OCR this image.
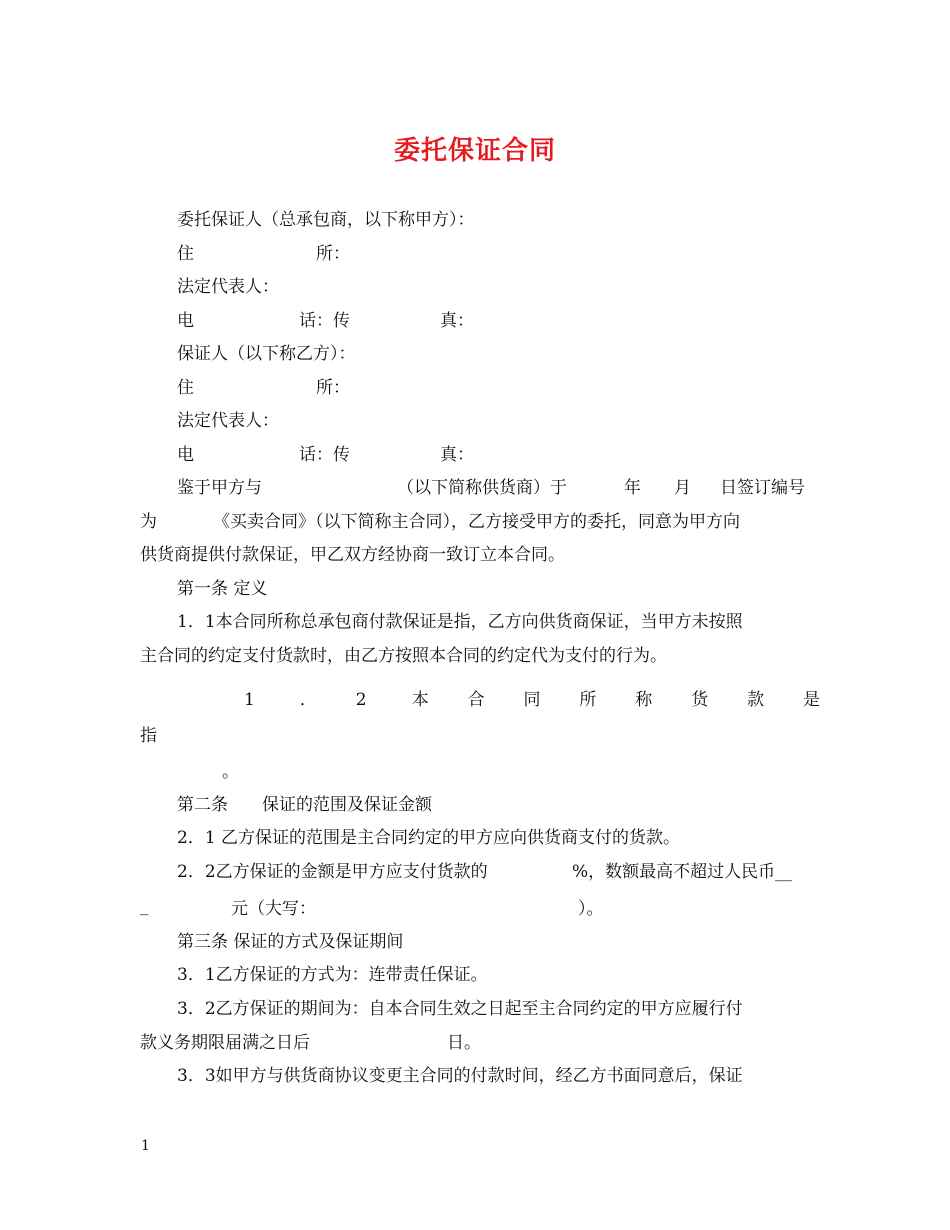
委托保证合同
委托保证人（总承包商，以下称甲方）：
住	所：
法定代表人：
电	话：传	真：
保证人（以下称乙方）：
住	所：
法定代表人：
电	话：传	真：
鉴于甲方与	（以下简称供货商）于	年 月 日签订编号
为	《买卖合同》（以下简称主合同），乙方接受甲方的委托，同意为甲方向
供货商提供付款保证，甲乙双方经协商一致订立本合同。
第一条 定义
1．1本合同所称总承包商付款保证是指，乙方向供货商保证，当甲方未按照
主合同的约定支付货款时，由乙方按照本合同的约定代为支付的行为。
1	． 2	本 合 同 所 称 货 款 是
指
。
第二条 保证的范围及保证金额
2．1 乙方保证的范围是主合同约定的甲方应向供货商支付的货款。
2．2乙方保证的金额是甲方应支付货款的	%，数额最高不超过人民币__
_	元（大写：	）。
第三条 保证的方式及保证期间
3．1乙方保证的方式为：连带责任保证。
3．2乙方保证的期间为：自本合同生效之日起至主合同约定的甲方应履行付
款义务期限届满之日后	日。
3．3如甲方与供货商协议变更主合同的付款时间，经乙方书面同意后，保证
1
